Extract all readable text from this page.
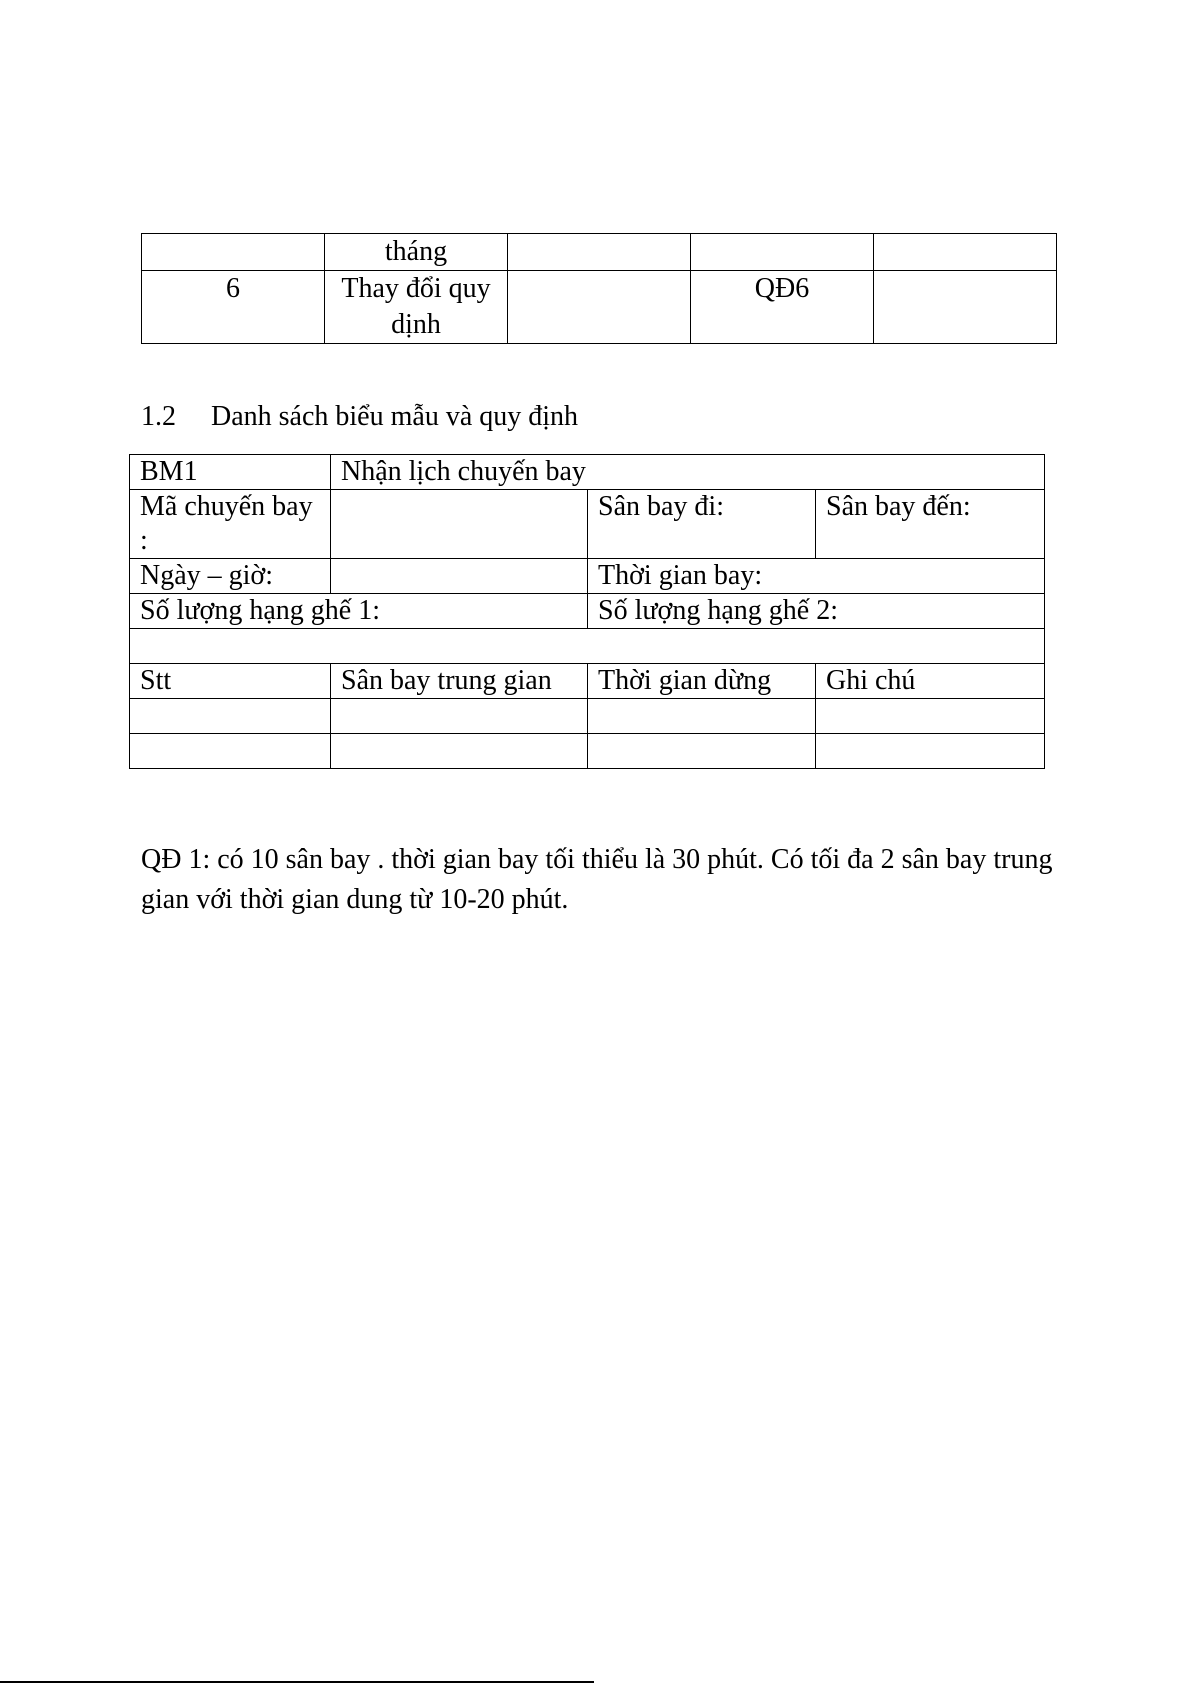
	tháng			
6	Thay đổi quy dịnh		QĐ6	
1.2 Danh sách biểu mẫu và quy định
BM1	Nhận lịch chuyến bay		
Mã chuyến bay :		Sân bay đi:	Sân bay đến:
Ngày – giờ:		Thời gian bay:	
Số lượng hạng ghế 1:		Số lượng hạng ghế 2:	

Stt	Sân bay trung gian	Thời gian dừng	Ghi chú

QĐ 1: có 10 sân bay . thời gian bay tối thiểu là 30 phút. Có tối đa 2 sân bay trung gian với thời gian dung từ 10-20 phút.
